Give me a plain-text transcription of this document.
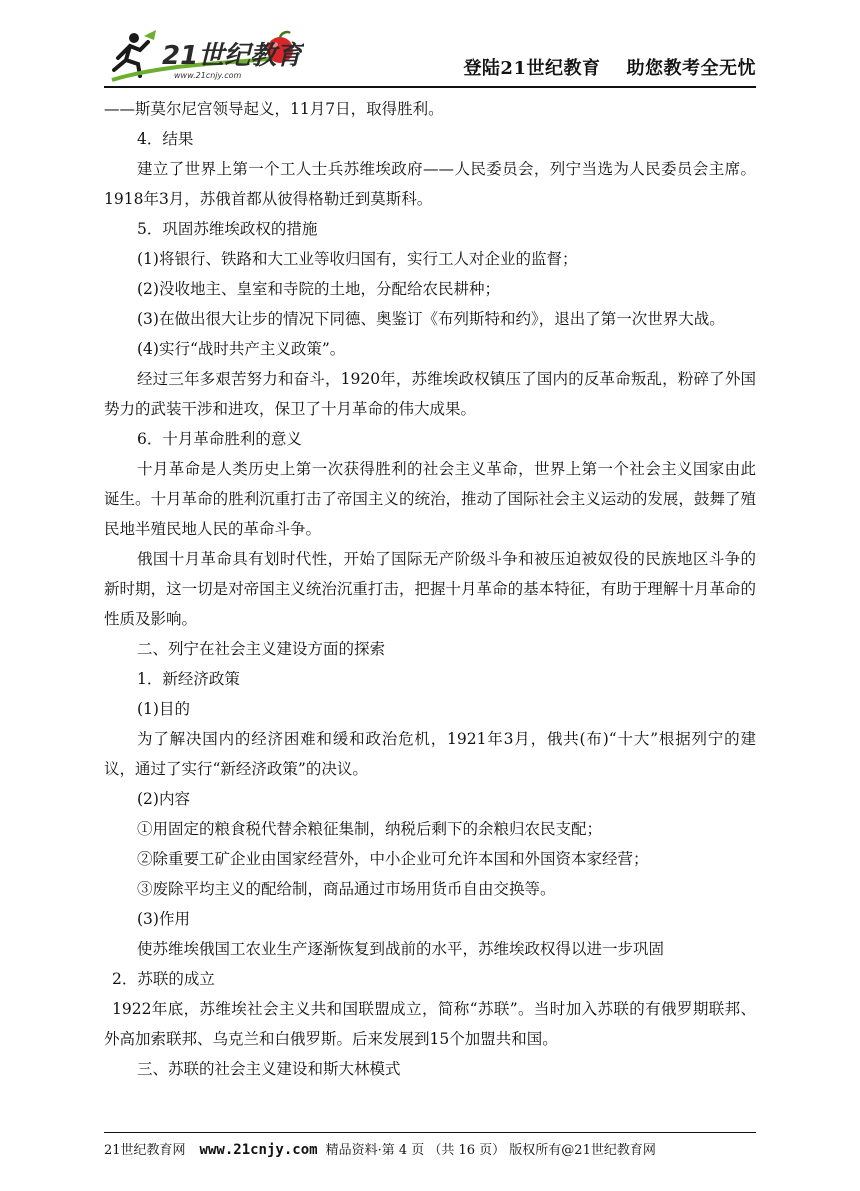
21世纪教育
www.21cnjy.com	登陆21世纪教育 助您教考全无忧

——斯莫尔尼宫领导起义，11月7日，取得胜利。

4．结果

建立了世界上第一个工人士兵苏维埃政府——人民委员会，列宁当选为人民委员会主席。1918年3月，苏俄首都从彼得格勒迁到莫斯科。

5．巩固苏维埃政权的措施

(1)将银行、铁路和大工业等收归国有，实行工人对企业的监督；

(2)没收地主、皇室和寺院的土地，分配给农民耕种；

(3)在做出很大让步的情况下同德、奥鉴订《布列斯特和约》，退出了第一次世界大战。

(4)实行“战时共产主义政策”。

经过三年多艰苦努力和奋斗，1920年，苏维埃政权镇压了国内的反革命叛乱，粉碎了外国势力的武装干涉和进攻，保卫了十月革命的伟大成果。

6．十月革命胜利的意义

十月革命是人类历史上第一次获得胜利的社会主义革命，世界上第一个社会主义国家由此诞生。十月革命的胜利沉重打击了帝国主义的统治，推动了国际社会主义运动的发展，鼓舞了殖民地半殖民地人民的革命斗争。

俄国十月革命具有划时代性，开始了国际无产阶级斗争和被压迫被奴役的民族地区斗争的新时期，这一切是对帝国主义统治沉重打击，把握十月革命的基本特征，有助于理解十月革命的性质及影响。

二、列宁在社会主义建设方面的探索

1．新经济政策

(1)目的

为了解决国内的经济困难和缓和政治危机，1921年3月，俄共(布)“十大”根据列宁的建议，通过了实行“新经济政策”的决议。

(2)内容

①用固定的粮食税代替余粮征集制，纳税后剩下的余粮归农民支配；

②除重要工矿企业由国家经营外，中小企业可允许本国和外国资本家经营；

③废除平均主义的配给制，商品通过市场用货币自由交换等。

(3)作用

使苏维埃俄国工农业生产逐渐恢复到战前的水平，苏维埃政权得以进一步巩固

2．苏联的成立

1922年底，苏维埃社会主义共和国联盟成立，简称“苏联”。当时加入苏联的有俄罗期联邦、外高加索联邦、乌克兰和白俄罗斯。后来发展到15个加盟共和国。

三、苏联的社会主义建设和斯大林模式

21世纪教育网 www.21cnjy.com 精品资料·第 4 页 （共 16 页） 版权所有@21世纪教育网
